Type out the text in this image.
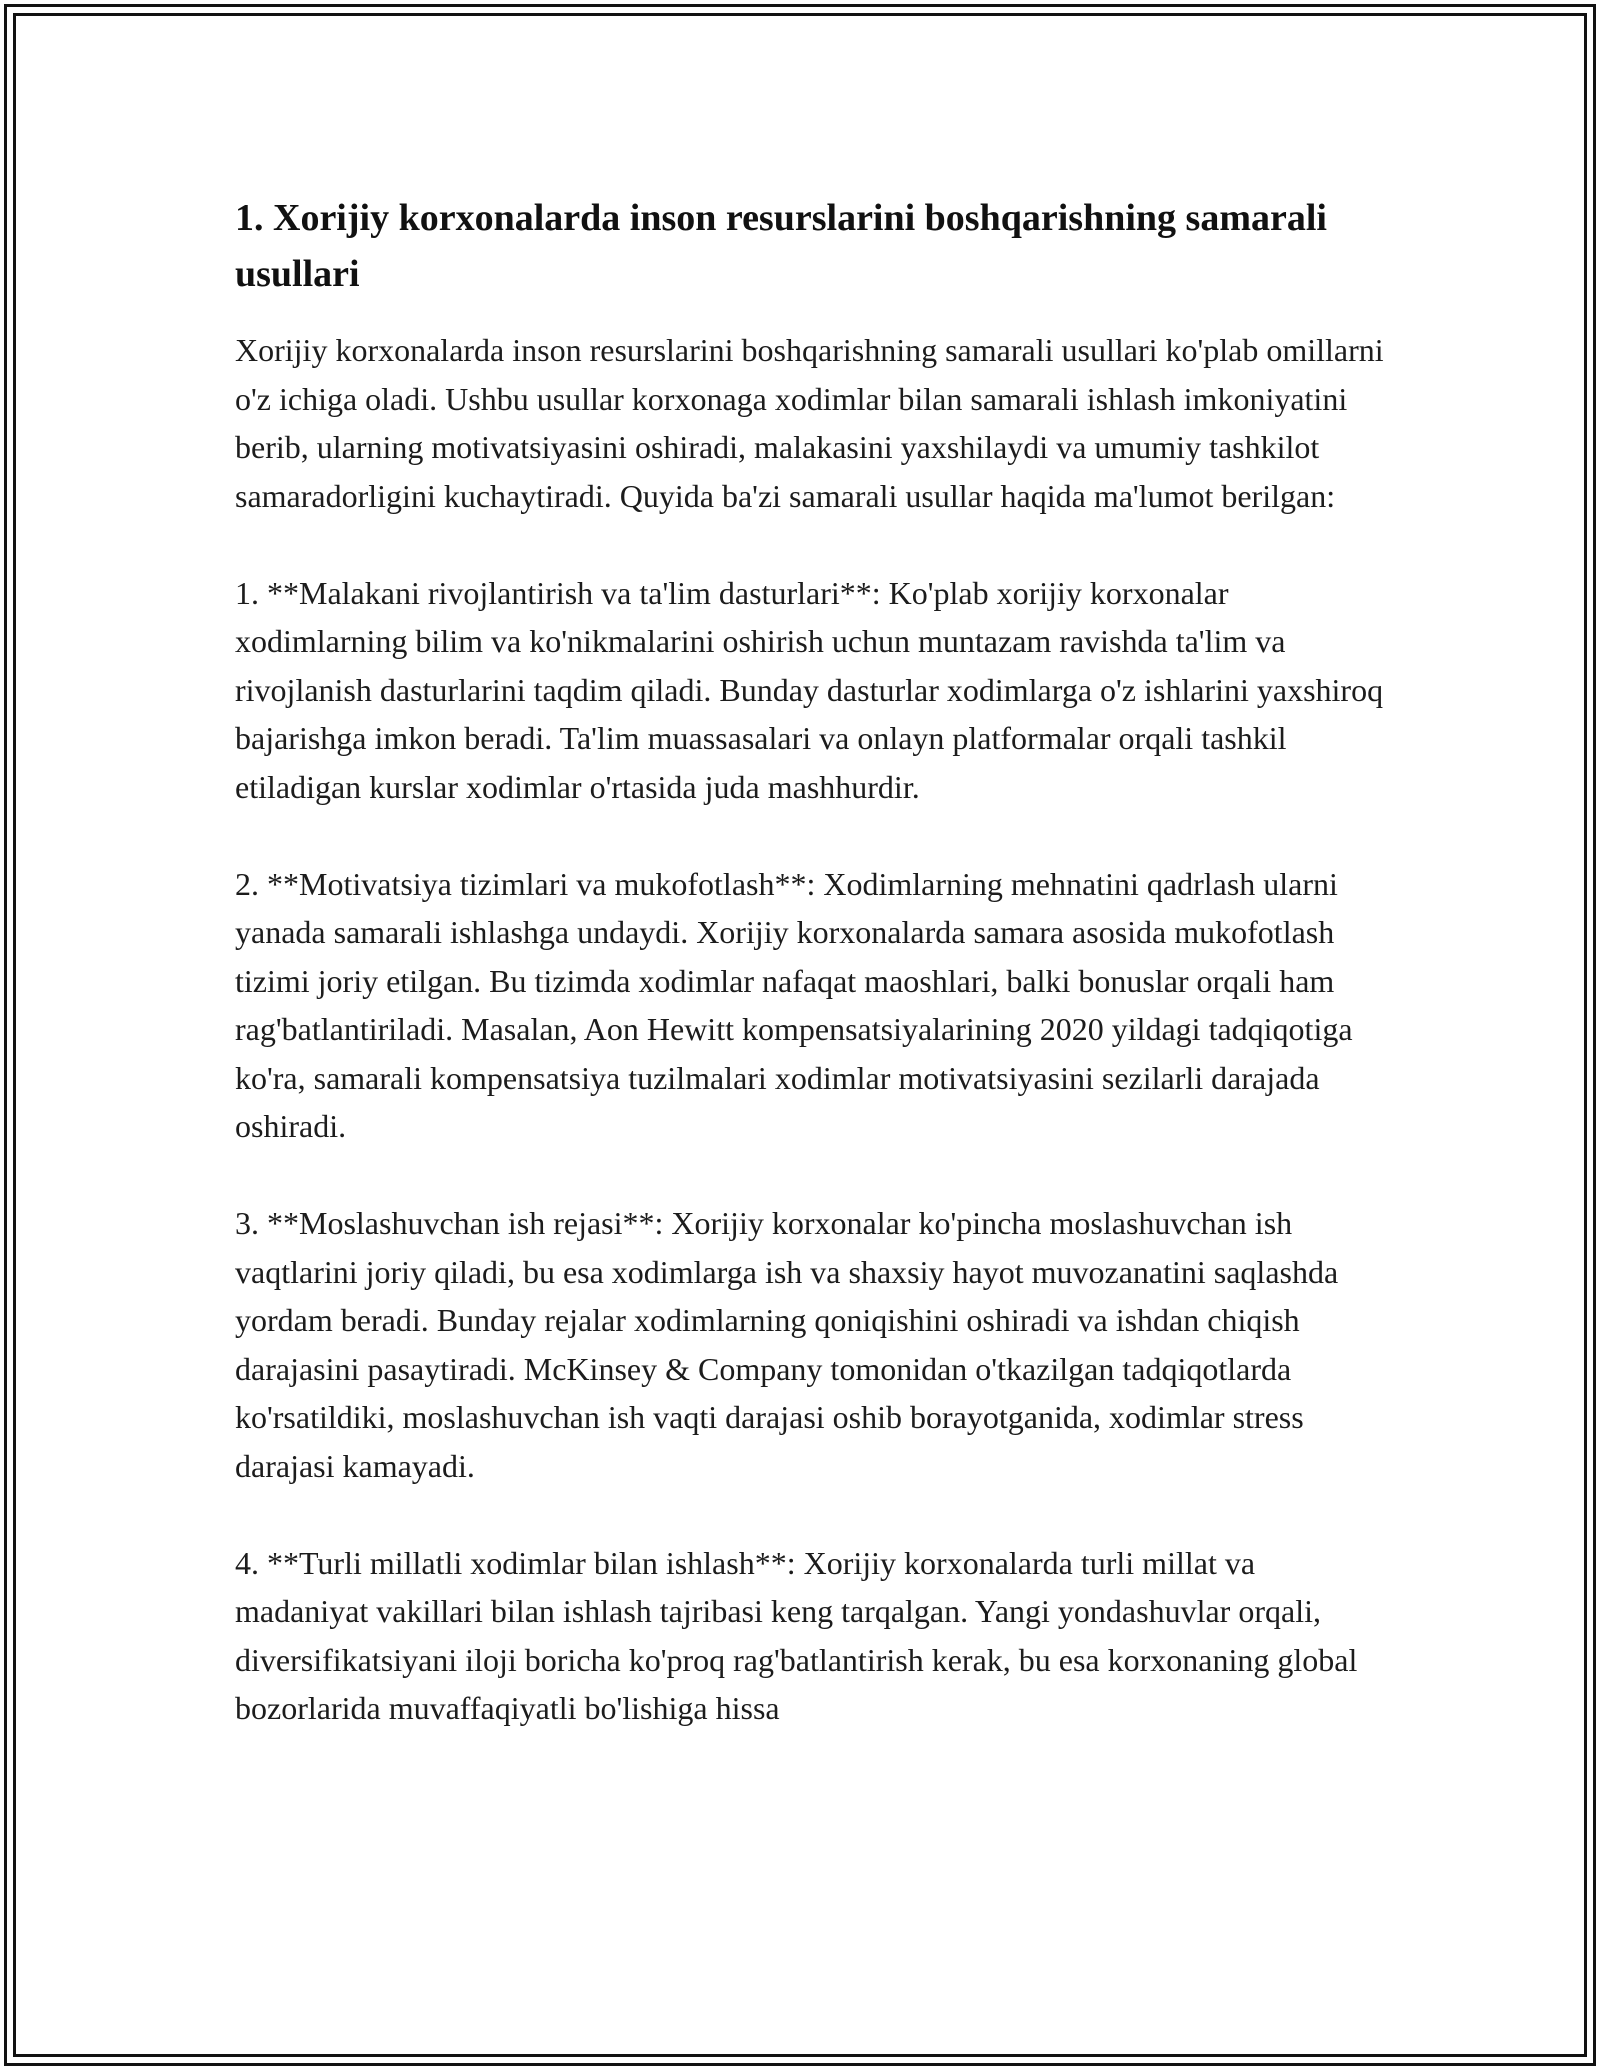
1. Xorijiy korxonalarda inson resurslarini boshqarishning samarali usullari

Xorijiy korxonalarda inson resurslarini boshqarishning samarali usullari ko'plab omillarni o'z ichiga oladi. Ushbu usullar korxonaga xodimlar bilan samarali ishlash imkoniyatini berib, ularning motivatsiyasini oshiradi, malakasini yaxshilaydi va umumiy tashkilot samaradorligini kuchaytiradi. Quyida ba'zi samarali usullar haqida ma'lumot berilgan:

1. **Malakani rivojlantirish va ta'lim dasturlari**: Ko'plab xorijiy korxonalar xodimlarning bilim va ko'nikmalarini oshirish uchun muntazam ravishda ta'lim va rivojlanish dasturlarini taqdim qiladi. Bunday dasturlar xodimlarga o'z ishlarini yaxshiroq bajarishga imkon beradi. Ta'lim muassasalari va onlayn platformalar orqali tashkil etiladigan kurslar xodimlar o'rtasida juda mashhurdir.

2. **Motivatsiya tizimlari va mukofotlash**: Xodimlarning mehnatini qadrlash ularni yanada samarali ishlashga undaydi. Xorijiy korxonalarda samara asosida mukofotlash tizimi joriy etilgan. Bu tizimda xodimlar nafaqat maoshlari, balki bonuslar orqali ham rag'batlantiriladi. Masalan, Aon Hewitt kompensatsiyalarining 2020 yildagi tadqiqotiga ko'ra, samarali kompensatsiya tuzilmalari xodimlar motivatsiyasini sezilarli darajada oshiradi.

3. **Moslashuvchan ish rejasi**: Xorijiy korxonalar ko'pincha moslashuvchan ish vaqtlarini joriy qiladi, bu esa xodimlarga ish va shaxsiy hayot muvozanatini saqlashda yordam beradi. Bunday rejalar xodimlarning qoniqishini oshiradi va ishdan chiqish darajasini pasaytiradi. McKinsey & Company tomonidan o'tkazilgan tadqiqotlarda ko'rsatildiki, moslashuvchan ish vaqti darajasi oshib borayotganida, xodimlar stress darajasi kamayadi.

4. **Turli millatli xodimlar bilan ishlash**: Xorijiy korxonalarda turli millat va madaniyat vakillari bilan ishlash tajribasi keng tarqalgan. Yangi yondashuvlar orqali, diversifikatsiyani iloji boricha ko'proq rag'batlantirish kerak, bu esa korxonaning global bozorlarida muvaffaqiyatli bo'lishiga hissa
